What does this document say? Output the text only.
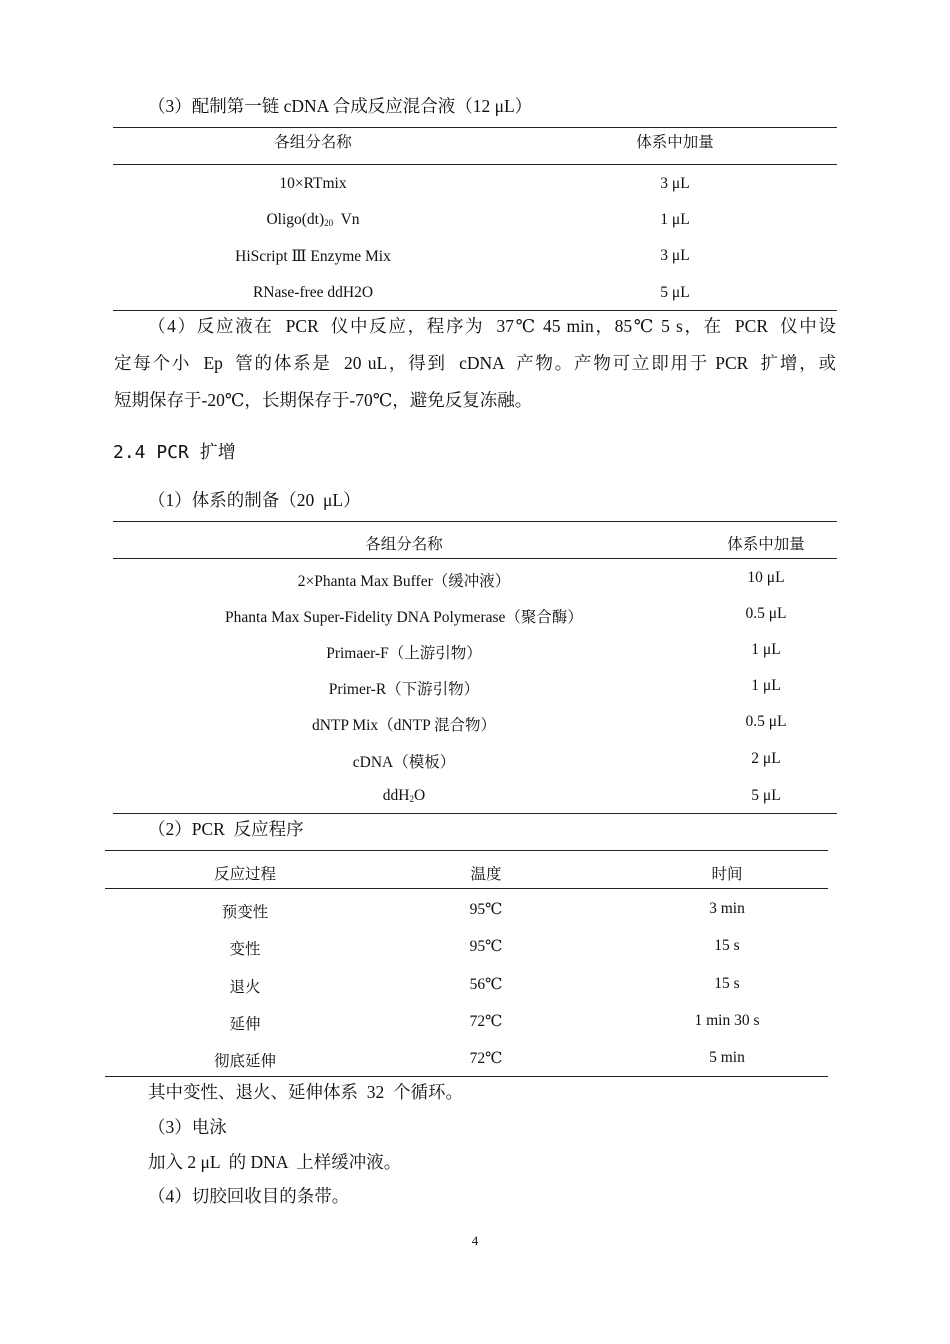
（3）配制第一链 cDNA 合成反应混合液（12 μL）
各组分名称	体系中加量
10×RTmix	3 μL
$Oligo(dt)_{20}$  Vn	1 μL
HiScript Ⅲ Enzyme Mix	3 μL
RNase-free ddH2O	5 μL
（4）反应液在  PCR  仪中反应，程序为  37℃ 45 min，85℃ 5 s，在  PCR  仪中设
定每个小  Ep  管的体系是  20 uL，得到  cDNA  产物。产物可立即用于 PCR  扩增，或
短期保存于-20℃，长期保存于-70℃，避免反复冻融。
2.4 PCR 扩增
（1）体系的制备（20  μL）
各组分名称	体系中加量
2×Phanta Max Buffer（缓冲液）	10 μL
Phanta Max Super-Fidelity DNA Polymerase（聚合酶）	0.5 μL
Primaer-F（上游引物）	1 μL
Primer-R（下游引物）	1 μL
dNTP Mix（dNTP 混合物）	0.5 μL
cDNA（模板）	2 μL
ddH$_2$O	5 μL
（2）PCR  反应程序
反应过程	温度	时间
预变性	95℃	3 min
变性	95℃	15 s
退火	56℃	15 s
延伸	72℃	1 min 30 s
彻底延伸	72℃	5 min
其中变性、退火、延伸体系  32  个循环。
（3）电泳
加入 2 μL  的 DNA  上样缓冲液。
（4）切胶回收目的条带。
4
